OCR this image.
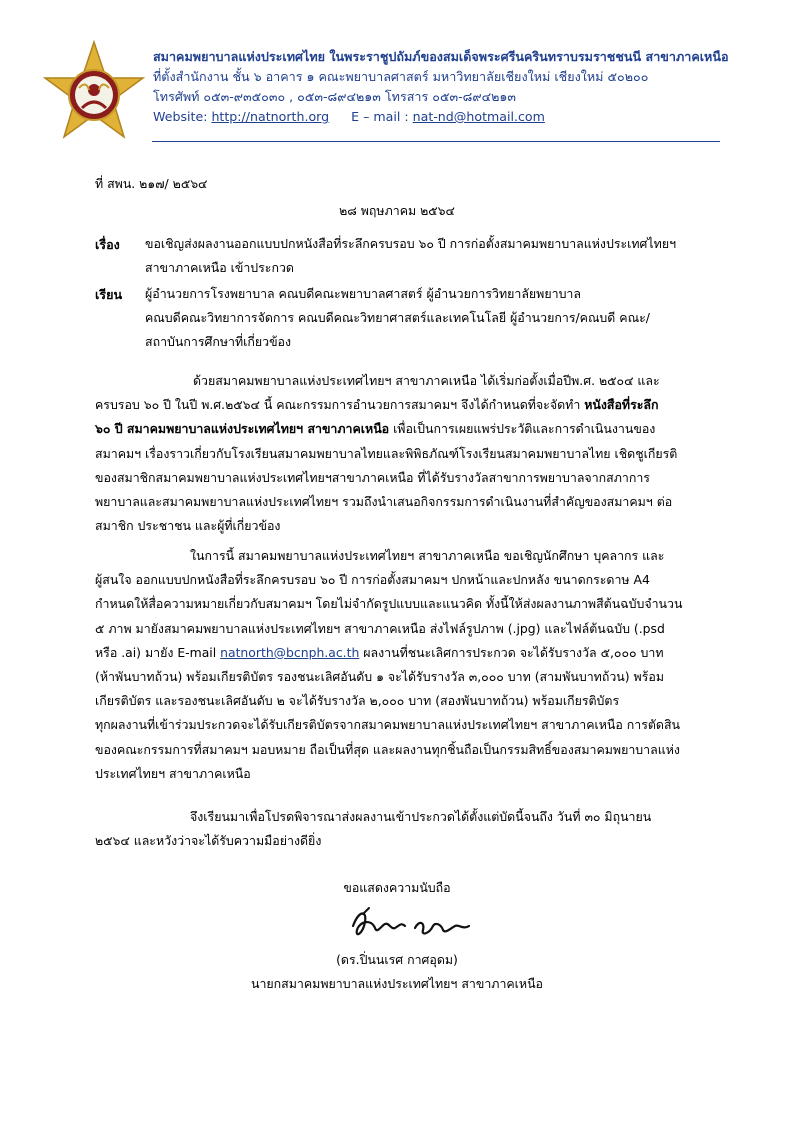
สมาคมพยาบาลแห่งประเทศไทย ในพระราชูปถัมภ์ของสมเด็จพระศรีนครินทราบรมราชชนนี สาขาภาคเหนือ
ที่ตั้งสำนักงาน ชั้น ๖ อาคาร ๑ คณะพยาบาลศาสตร์ มหาวิทยาลัยเชียงใหม่ เชียงใหม่ ๕๐๒๐๐
โทรศัพท์ ๐๕๓-๙๓๕๐๓๐ , ๐๕๓-๘๙๔๒๑๓ โทรสาร ๐๕๓-๘๙๔๒๑๓
Website: http://natnorth.org E – mail : nat-nd@hotmail.com
ที่ สพน. ๒๑๗/ ๒๕๖๔
๒๘ พฤษภาคม ๒๕๖๔
เรื่อง ขอเชิญส่งผลงานออกแบบปกหนังสือที่ระลึกครบรอบ ๖๐ ปี การก่อตั้งสมาคมพยาบาลแห่งประเทศไทยฯ
สาขาภาคเหนือ เข้าประกวด
เรียน ผู้อำนวยการโรงพยาบาล คณบดีคณะพยาบาลศาสตร์ ผู้อำนวยการวิทยาลัยพยาบาล
คณบดีคณะวิทยาการจัดการ คณบดีคณะวิทยาศาสตร์และเทคโนโลยี ผู้อำนวยการ/คณบดี คณะ/
สถาบันการศึกษาที่เกี่ยวข้อง
ด้วยสมาคมพยาบาลแห่งประเทศไทยฯ สาขาภาคเหนือ ได้เริ่มก่อตั้งเมื่อปีพ.ศ. ๒๕๐๔ และ
ครบรอบ ๖๐ ปี ในปี พ.ศ.๒๕๖๔ นี้ คณะกรรมการอำนวยการสมาคมฯ จึงได้กำหนดที่จะจัดทำ หนังสือที่ระลึก
๖๐ ปี สมาคมพยาบาลแห่งประเทศไทยฯ สาขาภาคเหนือ เพื่อเป็นการเผยแพร่ประวัติและการดำเนินงานของ
สมาคมฯ เรื่องราวเกี่ยวกับโรงเรียนสมาคมพยาบาลไทยและพิพิธภัณฑ์โรงเรียนสมาคมพยาบาลไทย เชิดชูเกียรติ
ของสมาชิกสมาคมพยาบาลแห่งประเทศไทยฯสาขาภาคเหนือ ที่ได้รับรางวัลสาขาการพยาบาลจากสภาการ
พยาบาลและสมาคมพยาบาลแห่งประเทศไทยฯ รวมถึงนำเสนอกิจกรรมการดำเนินงานที่สำคัญของสมาคมฯ ต่อ
สมาชิก ประชาชน และผู้ที่เกี่ยวข้อง
ในการนี้ สมาคมพยาบาลแห่งประเทศไทยฯ สาขาภาคเหนือ ขอเชิญนักศึกษา บุคลากร และ
ผู้สนใจ ออกแบบปกหนังสือที่ระลึกครบรอบ ๖๐ ปี การก่อตั้งสมาคมฯ ปกหน้าและปกหลัง ขนาดกระดาษ A4
กำหนดให้สื่อความหมายเกี่ยวกับสมาคมฯ โดยไม่จำกัดรูปแบบและแนวคิด ทั้งนี้ให้ส่งผลงานภาพสีต้นฉบับจำนวน
๕ ภาพ มายังสมาคมพยาบาลแห่งประเทศไทยฯ สาขาภาคเหนือ ส่งไฟล์รูปภาพ (.jpg) และไฟล์ต้นฉบับ (.psd
หรือ .ai) มายัง E-mail natnorth@bcnph.ac.th ผลงานที่ชนะเลิศการประกวด จะได้รับรางวัล ๕,๐๐๐ บาท
(ห้าพันบาทถ้วน) พร้อมเกียรติบัตร รองชนะเลิศอันดับ ๑ จะได้รับรางวัล ๓,๐๐๐ บาท (สามพันบาทถ้วน) พร้อม
เกียรติบัตร และรองชนะเลิศอันดับ ๒ จะได้รับรางวัล ๒,๐๐๐ บาท (สองพันบาทถ้วน) พร้อมเกียรติบัตร
ทุกผลงานที่เข้าร่วมประกวดจะได้รับเกียรติบัตรจากสมาคมพยาบาลแห่งประเทศไทยฯ สาขาภาคเหนือ การตัดสิน
ของคณะกรรมการที่สมาคมฯ มอบหมาย ถือเป็นที่สุด และผลงานทุกชิ้นถือเป็นกรรมสิทธิ์ของสมาคมพยาบาลแห่ง
ประเทศไทยฯ สาขาภาคเหนือ
จึงเรียนมาเพื่อโปรดพิจารณาส่งผลงานเข้าประกวดได้ตั้งแต่บัดนี้จนถึง วันที่ ๓๐ มิถุนายน
๒๕๖๔ และหวังว่าจะได้รับความมือย่างดียิ่ง
ขอแสดงความนับถือ
(ดร.ปิ่นนเรศ กาศอุดม)
นายกสมาคมพยาบาลแห่งประเทศไทยฯ สาขาภาคเหนือ
